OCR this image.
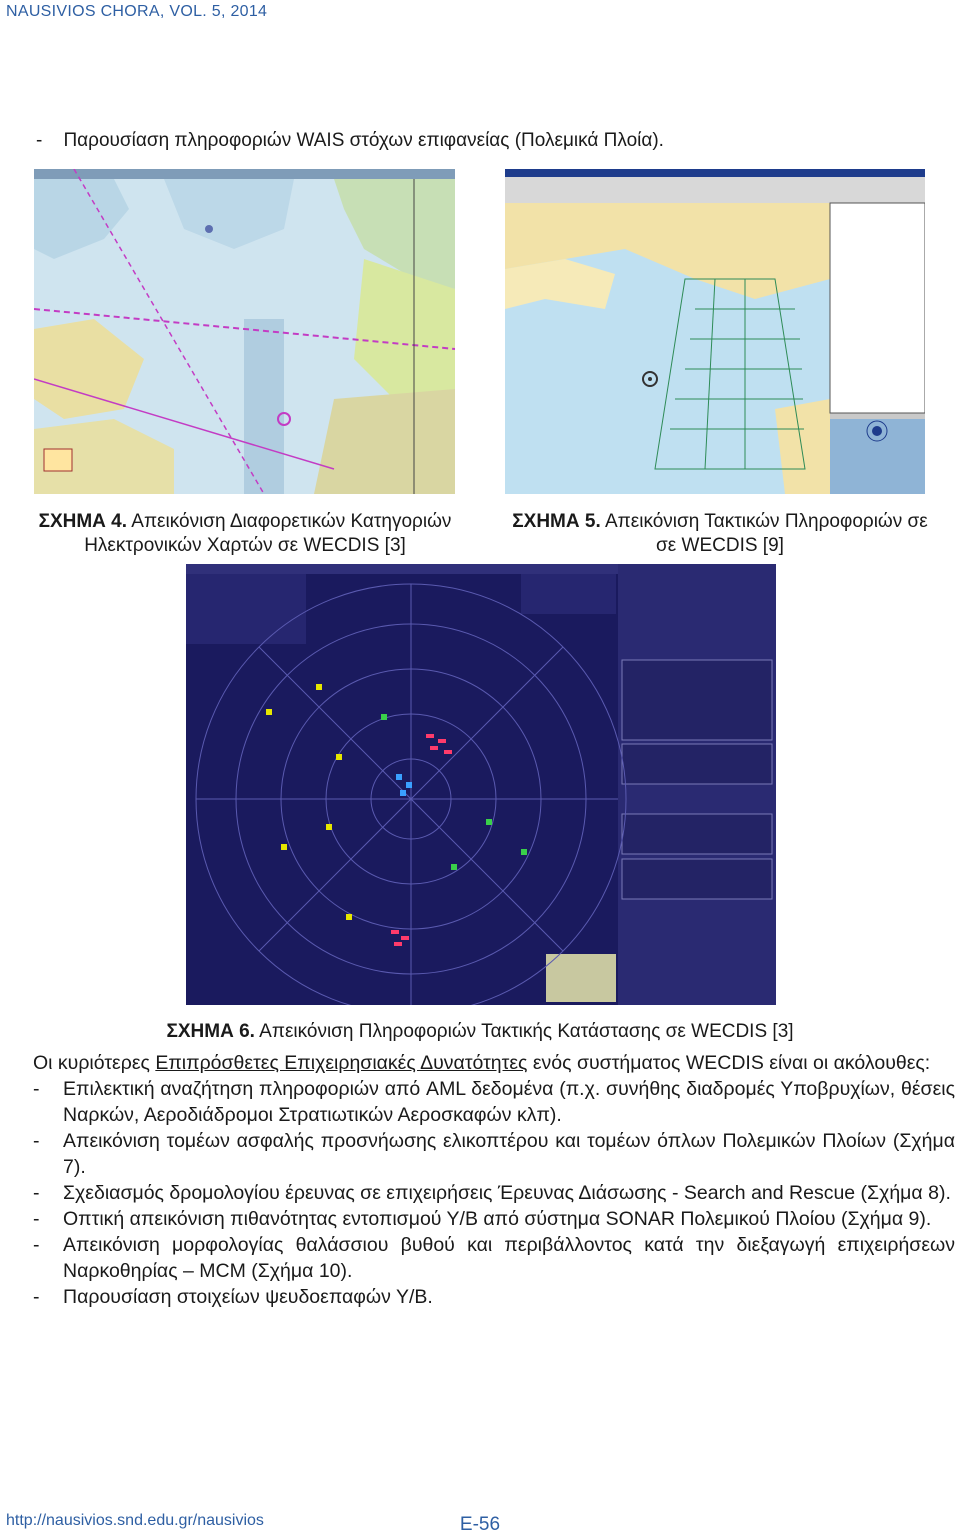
NAUSIVIOS CHORA, VOL. 5, 2014
- Παρουσίαση πληροφοριών WAIS στόχων επιφανείας (Πολεμικά Πλοία).
ΣΧΗΜΑ 4. Απεικόνιση Διαφορετικών Κατηγοριών
Ηλεκτρονικών Χαρτών σε WECDIS [3]
ΣΧΗΜΑ 5. Απεικόνιση Τακτικών Πληροφοριών σε
σε WECDIS [9]
ΣΧΗΜΑ 6. Απεικόνιση Πληροφοριών Τακτικής Κατάστασης σε WECDIS [3]

Οι κυριότερες Επιπρόσθετες Επιχειρησιακές Δυνατότητες ενός συστήματος WECDIS είναι οι ακόλουθες:

- Επιλεκτική αναζήτηση πληροφοριών από AML δεδομένα (π.χ. συνήθης διαδρομές Υποβρυχίων, θέσεις Ναρκών, Αεροδιάδρομοι Στρατιωτικών Αεροσκαφών κλπ).
- Απεικόνιση τομέων ασφαλής προσνήωσης ελικοπτέρου και τομέων όπλων Πολεμικών Πλοίων (Σχήμα 7).
- Σχεδιασμός δρομολογίου έρευνας σε επιχειρήσεις Έρευνας Διάσωσης - Search and Rescue (Σχήμα 8).
- Οπτική απεικόνιση πιθανότητας εντοπισμού Υ/Β από σύστημα SONAR Πολεμικού Πλοίου (Σχήμα 9).
- Απεικόνιση μορφολογίας θαλάσσιου βυθού και περιβάλλοντος κατά την διεξαγωγή επιχειρήσεων Ναρκοθηρίας – MCM (Σχήμα 10).
- Παρουσίαση στοιχείων ψευδοεπαφών Υ/Β.
http://nausivios.snd.edu.gr/nausivios	E-56
